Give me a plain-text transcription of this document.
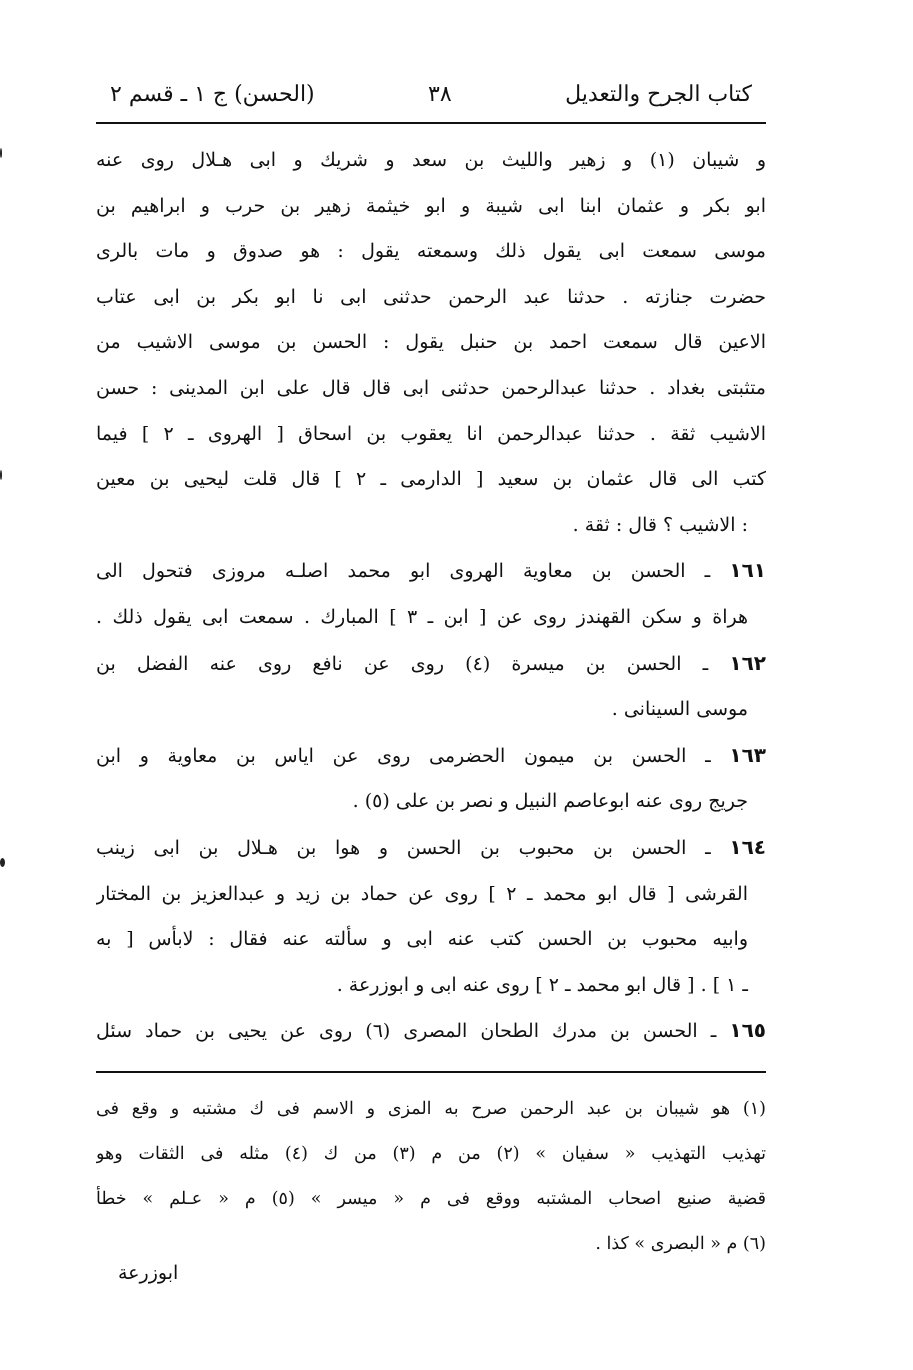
كتاب الجرح والتعديل
٣٨
(الحسن) ج ١ ـ قسم ٢
و شيبان (١) و زهير والليث بن سعد و شريك و ابى هـلال روى عنه
ابو بكر و عثمان ابنا ابى شيبة و ابو خيثمة زهير بن حرب و ابراهيم بن
موسى سمعت ابى يقول ذلك وسمعته يقول : هو صدوق و مات بالرى
حضرت جنازته . حدثنا عبد الرحمن حدثنى ابى نا ابو بكر بن ابى عتاب
الاعين قال سمعت احمد بن حنبل يقول : الحسن بن موسى الاشيب من
متثبتى بغداد . حدثنا عبدالرحمن حدثنى ابى قال قال على ابن المدينى : حسن
الاشيب ثقة . حدثنا عبدالرحمن انا يعقوب بن اسحاق [ الهروى ـ ٢ ] فيما
كتب الى قال عثمان بن سعيد [ الدارمى ـ ٢ ] قال قلت ليحيى بن معين
: الاشيب ؟ قال : ثقة .
١٦١ ـ الحسن بن معاوية الهروى ابو محمد اصلـه مروزى فتحول الى
هراة و سكن القهندز روى عن [ ابن ـ ٣ ] المبارك . سمعت ابى يقول ذلك .
١٦٢ ـ الحسن بن ميسرة (٤) روى عن نافع روى عنه الفضل بن
موسى السينانى .
١٦٣ ـ الحسن بن ميمون الحضرمى روى عن اياس بن معاوية و ابن
جريج روى عنه ابوعاصم النبيل و نصر بن على (٥) .
١٦٤ ـ الحسن بن محبوب بن الحسن و هوا بن هـلال بن ابى زينب
القرشى [ قال ابو محمد ـ ٢ ] روى عن حماد بن زيد و عبدالعزيز بن المختار
وابيه محبوب بن الحسن كتب عنه ابى و سألته عنه فقال : لابأس [ به
ـ ١ ] . [ قال ابو محمد ـ ٢ ] روى عنه ابى و ابوزرعة .
١٦٥ ـ الحسن بن مدرك الطحان المصرى (٦) روى عن يحيى بن حماد سئل
(١) هو شيبان بن عبد الرحمن صرح به المزى و الاسم فى ك مشتبه و وقع فى
تهذيب التهذيب « سفيان » (٢) من م (٣) من ك (٤) مثله فى الثقات وهو
قضية صنيع اصحاب المشتبه ووقع فى م « ميسر » (٥) م « عـلم » خطأ
(٦) م « البصرى » كذا .
ابوزرعة
